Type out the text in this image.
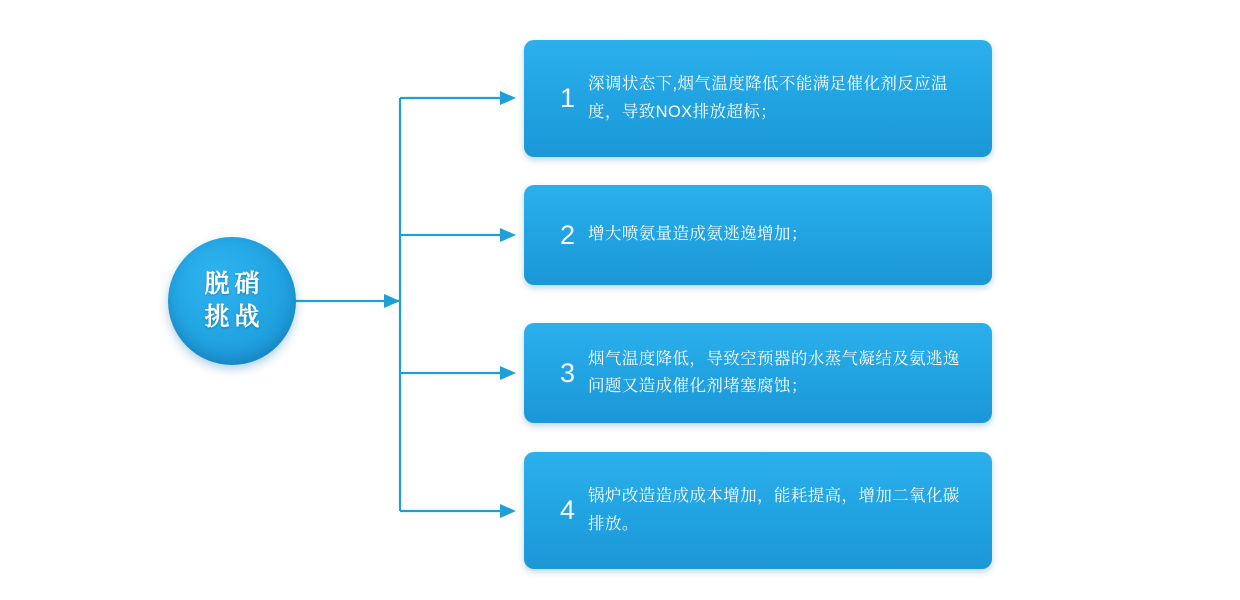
脱硝
挑战
1 深调状态下,烟气温度降低不能满足催化剂反应温度，导致NOX排放超标；
2 增大喷氨量造成氨逃逸增加；
3 烟气温度降低，导致空预器的水蒸气凝结及氨逃逸问题又造成催化剂堵塞腐蚀；
4 锅炉改造造成成本增加，能耗提高，增加二氧化碳排放。
